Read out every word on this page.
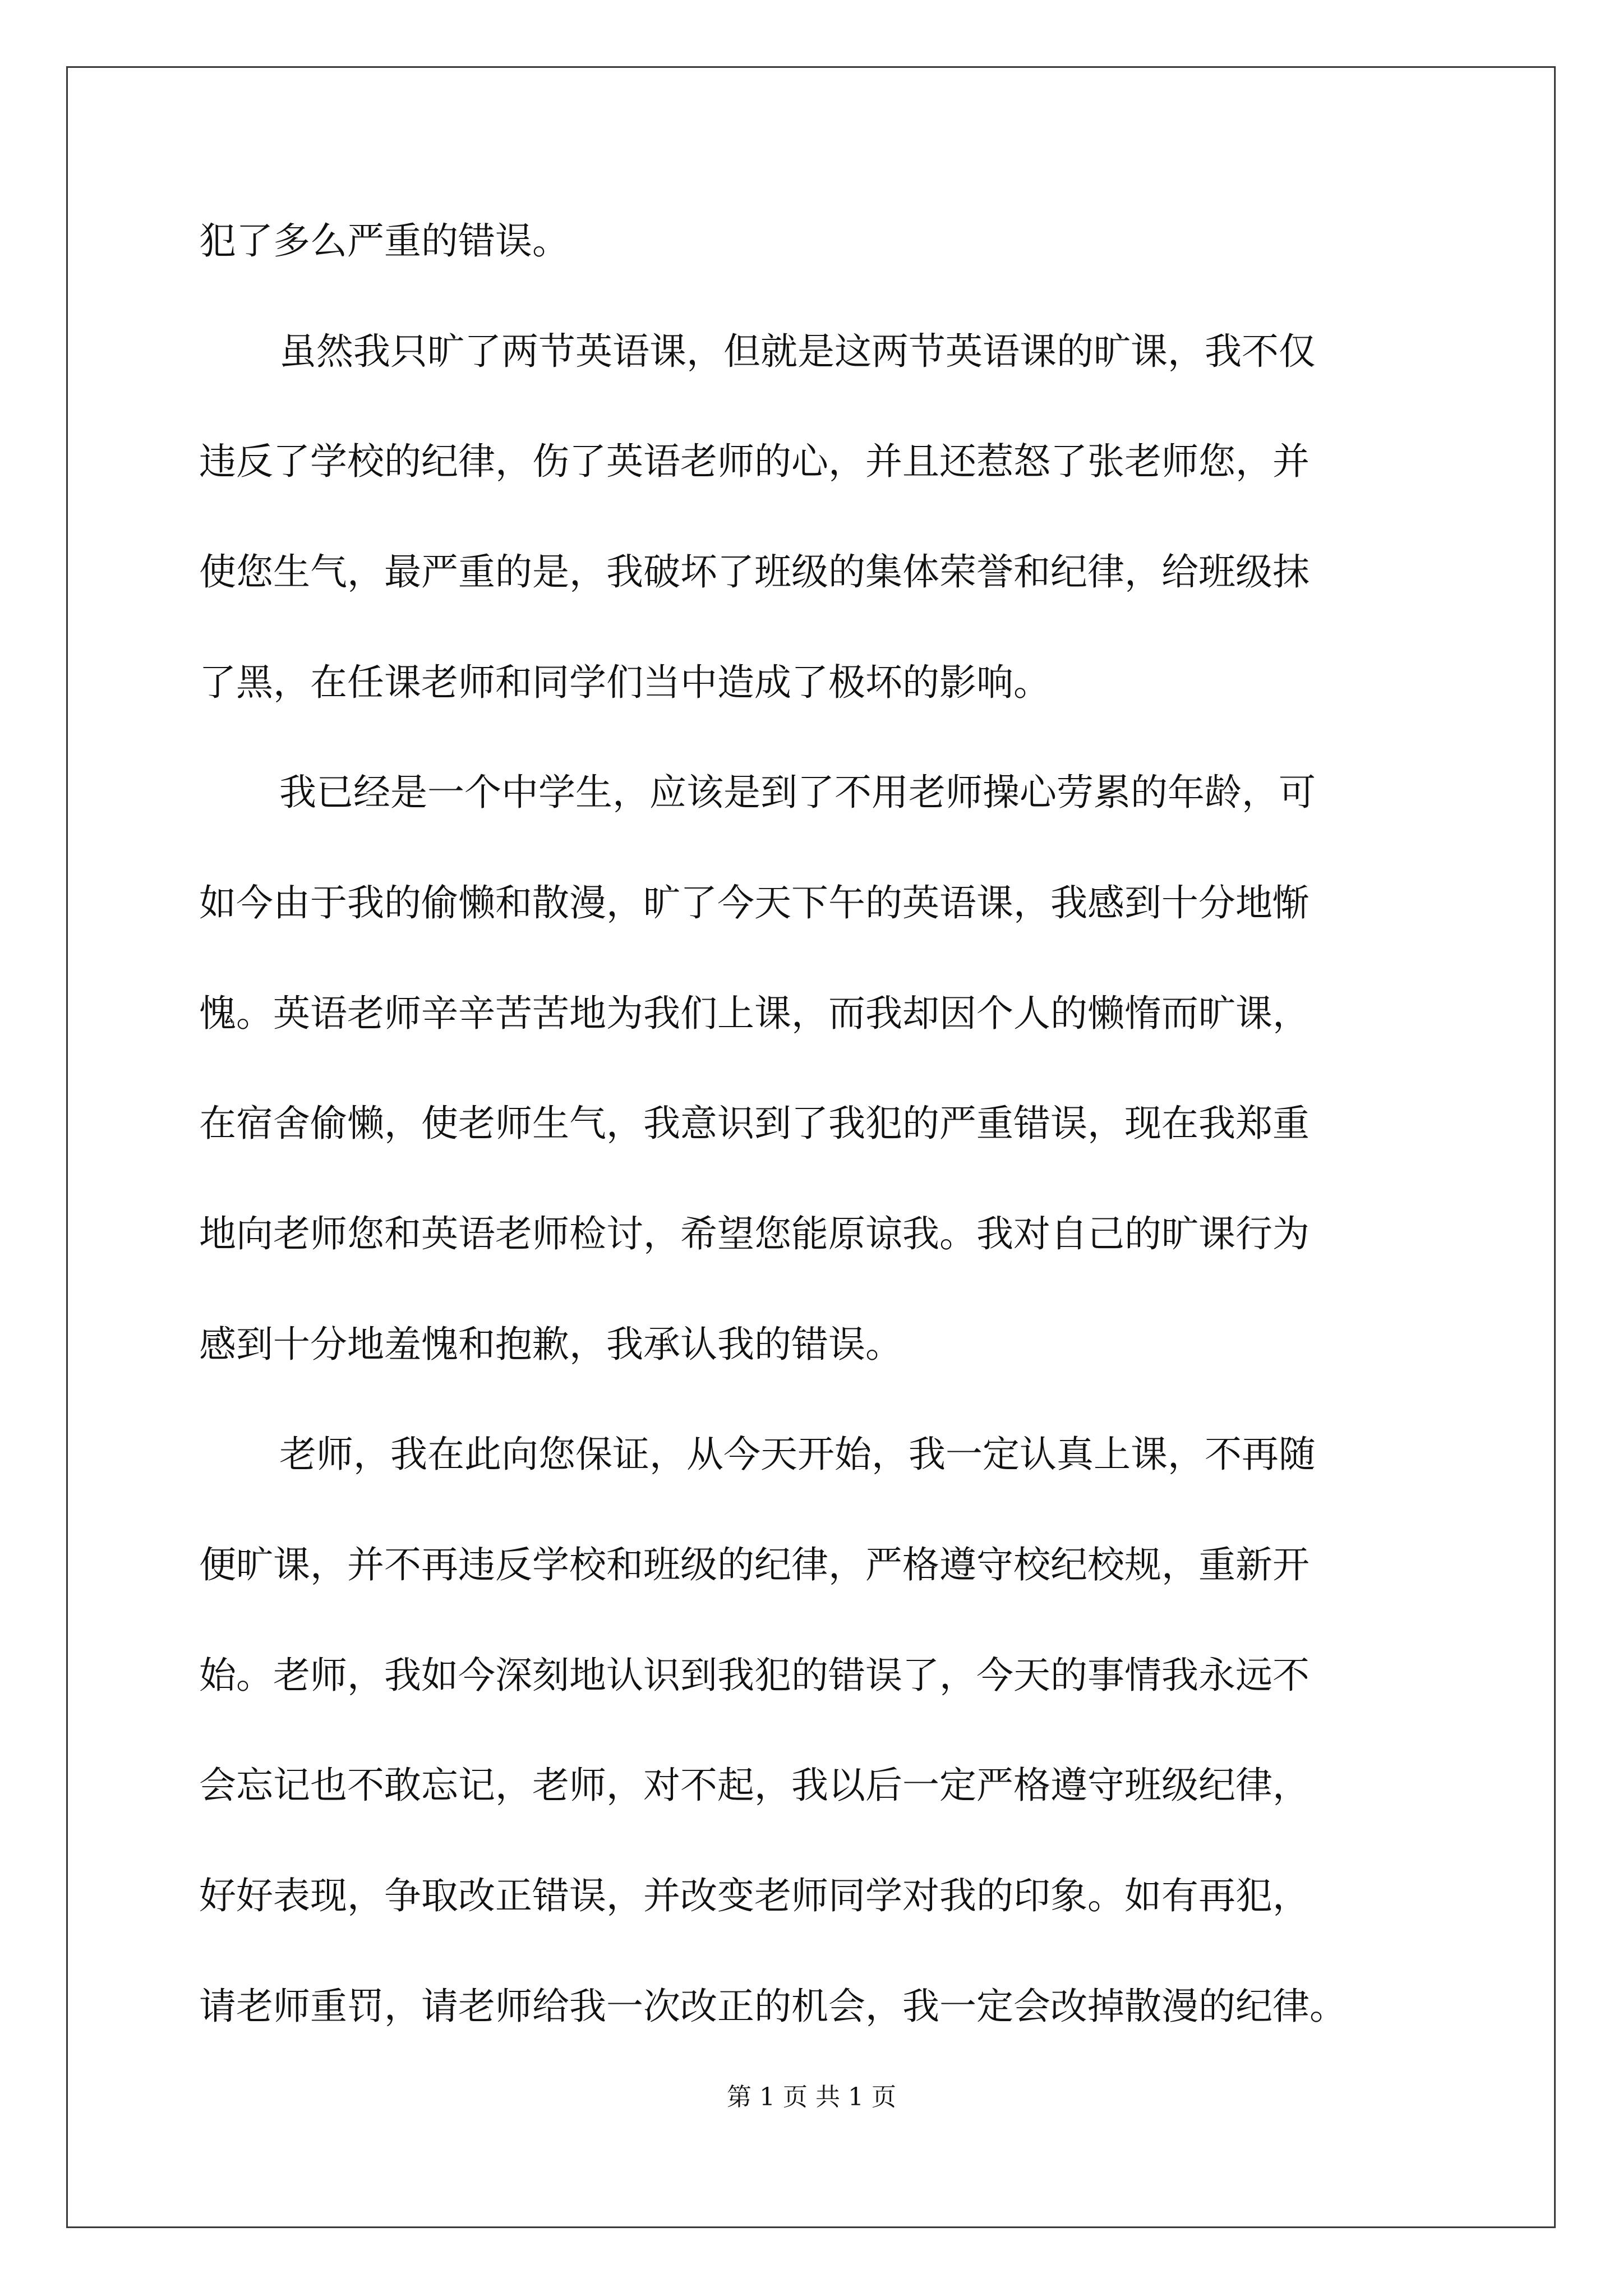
犯了多么严重的错误。
虽然我只旷了两节英语课，但就是这两节英语课的旷课，我不仅
违反了学校的纪律，伤了英语老师的心，并且还惹怒了张老师您，并
使您生气，最严重的是，我破坏了班级的集体荣誉和纪律，给班级抹
了黑，在任课老师和同学们当中造成了极坏的影响。
我已经是一个中学生，应该是到了不用老师操心劳累的年龄，可
如今由于我的偷懒和散漫，旷了今天下午的英语课，我感到十分地惭
愧。英语老师辛辛苦苦地为我们上课，而我却因个人的懒惰而旷课，
在宿舍偷懒，使老师生气，我意识到了我犯的严重错误，现在我郑重
地向老师您和英语老师检讨，希望您能原谅我。我对自己的旷课行为
感到十分地羞愧和抱歉，我承认我的错误。
老师，我在此向您保证，从今天开始，我一定认真上课，不再随
便旷课，并不再违反学校和班级的纪律，严格遵守校纪校规，重新开
始。老师，我如今深刻地认识到我犯的错误了，今天的事情我永远不
会忘记也不敢忘记，老师，对不起，我以后一定严格遵守班级纪律，
好好表现，争取改正错误，并改变老师同学对我的印象。如有再犯，
请老师重罚，请老师给我一次改正的机会，我一定会改掉散漫的纪律。
第 1 页 共 1 页
